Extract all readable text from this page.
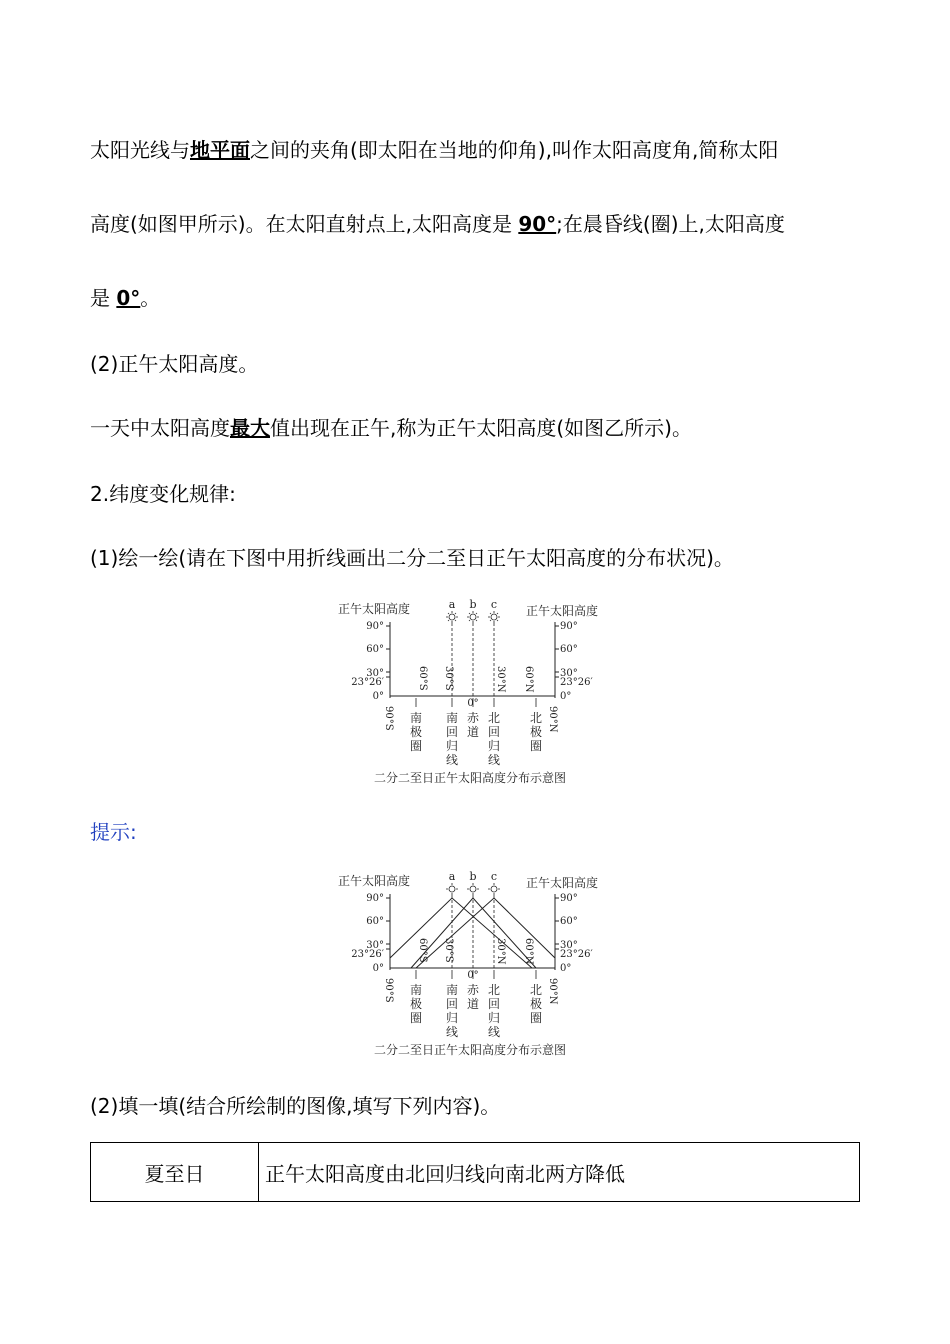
太阳光线与地平面之间的夹角(即太阳在当地的仰角),叫作太阳高度角,简称太阳
高度(如图甲所示)。在太阳直射点上,太阳高度是 90°;在晨昏线(圈)上,太阳高度
是 0°。
(2)正午太阳高度。
一天中太阳高度最大值出现在正午,称为正午太阳高度(如图乙所示)。
2.纬度变化规律:
(1)绘一绘(请在下图中用折线画出二分二至日正午太阳高度的分布状况)。
正午太阳高度	正午太阳高度
90°
60°
30°
23°26′
0°
90°
60°
30°
23°26′
0°
a b c
90°S
60°S 30°S
0°
30°N 60°N
90°N
南极圈
南回归线
赤道
北回归线
北极圈
二分二至日正午太阳高度分布示意图
提示:
正午太阳高度	正午太阳高度
90°
60°
30°
23°26′
0°
90°
60°
30°
23°26′
0°
a b c
90°S
60°S 30°S
0°
30°N 60°N
90°N
南极圈
南回归线
赤道
北回归线
北极圈
二分二至日正午太阳高度分布示意图
(2)填一填(结合所绘制的图像,填写下列内容)。
夏至日	正午太阳高度由北回归线向南北两方降低
